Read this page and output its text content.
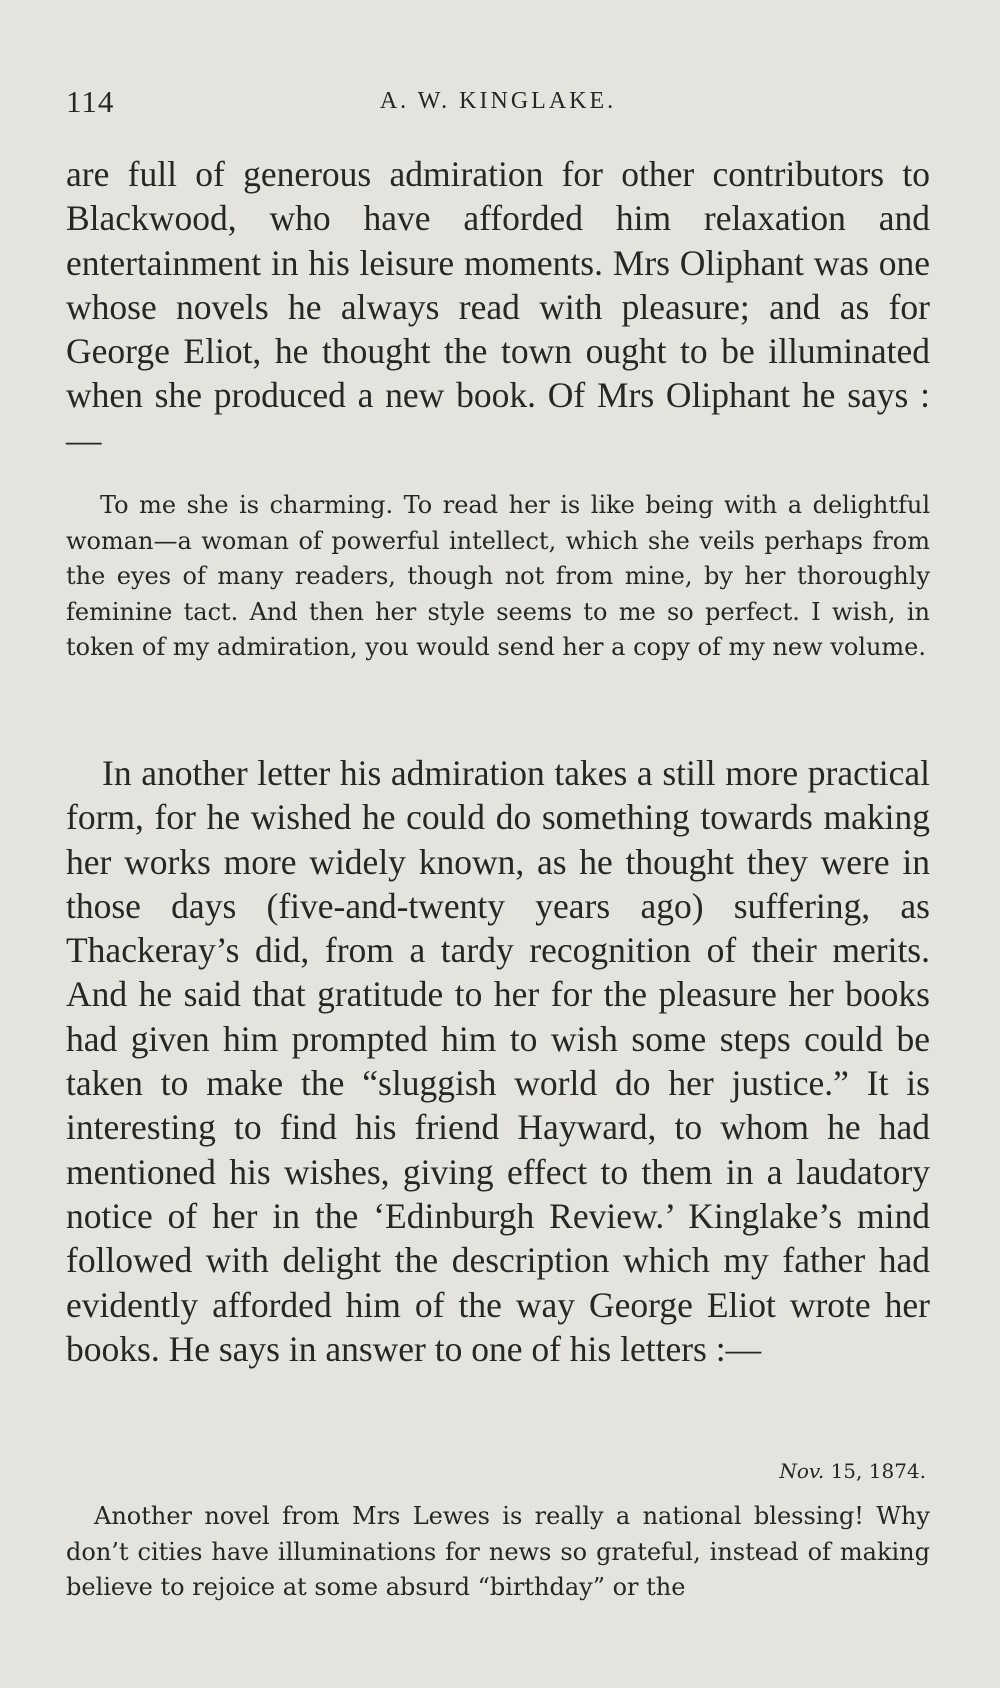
114	A. W. KINGLAKE.

are full of generous admiration for other contributors to Blackwood, who have afforded him relaxation and entertainment in his leisure moments. Mrs Oliphant was one whose novels he always read with pleasure; and as for George Eliot, he thought the town ought to be illuminated when she produced a new book. Of Mrs Oliphant he says :—

To me she is charming. To read her is like being with a delightful woman—a woman of powerful intellect, which she veils perhaps from the eyes of many readers, though not from mine, by her thoroughly feminine tact. And then her style seems to me so perfect. I wish, in token of my admiration, you would send her a copy of my new volume.

In another letter his admiration takes a still more practical form, for he wished he could do something towards making her works more widely known, as he thought they were in those days (five-and-twenty years ago) suffering, as Thackeray’s did, from a tardy recognition of their merits. And he said that gratitude to her for the pleasure her books had given him prompted him to wish some steps could be taken to make the “sluggish world do her justice.” It is interesting to find his friend Hayward, to whom he had mentioned his wishes, giving effect to them in a laudatory notice of her in the ‘Edinburgh Review.’ Kinglake’s mind followed with delight the description which my father had evidently afforded him of the way George Eliot wrote her books. He says in answer to one of his letters :—

Nov. 15, 1874.

Another novel from Mrs Lewes is really a national blessing! Why don’t cities have illuminations for news so grateful, instead of making believe to rejoice at some absurd “birthday” or the
